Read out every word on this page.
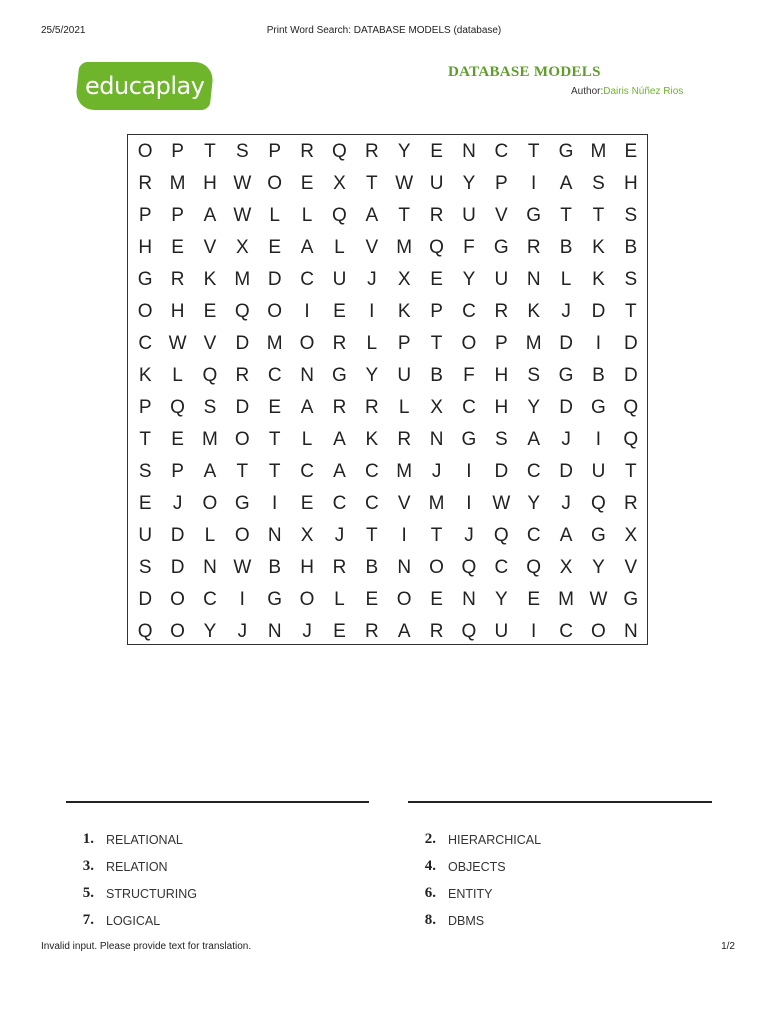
25/5/2021	Print Word Search: DATABASE MODELS (database)
educaplay	DATABASE MODELS
Author:Dairis Núñez Rios
O P	T	S	P	R Q R	Y	E	N C	T	G M E
R M H W O E	X	T W U	Y	P	I	A	S	H
P	P	A W L	L	Q A	T	R U	V G	T	T	S
H	E	V	X	E	A	L	V M Q	F	G R	B	K	B
G R	K M D C U	J	X	E	Y	U N	L	K	S
O H	E Q O	I	E	I	K	P	C R	K	J	D	T
C W V	D M O R	L	P	T	O P M D	I	D
K	L	Q R C N G Y	U	B	F	H	S G B	D
P Q S	D	E	A	R R	L	X	C H	Y	D G Q
T	E M O	T	L	A	K	R N G S	A	J	I	Q
S	P	A	T	T	C	A	C M	J	I	D C D U	T
E	J	O G	I	E	C C	V M	I	W Y	J	Q R
U D	L	O N	X	J	T	I	T	J	Q C	A G X
S	D N W B	H R	B	N O Q C Q X	Y	V
D O C	I	G O	L	E O E	N	Y	E M W G
Q O Y	J	N	J	E	R	A	R Q U	I	C O N
1. RELATIONAL
3. RELATION
5. STRUCTURING
7. LOGICAL
2. HIERARCHICAL
4. OBJECTS
6. ENTITY
8. DBMS
Invalid input. Please provide text for translation.	1/2
